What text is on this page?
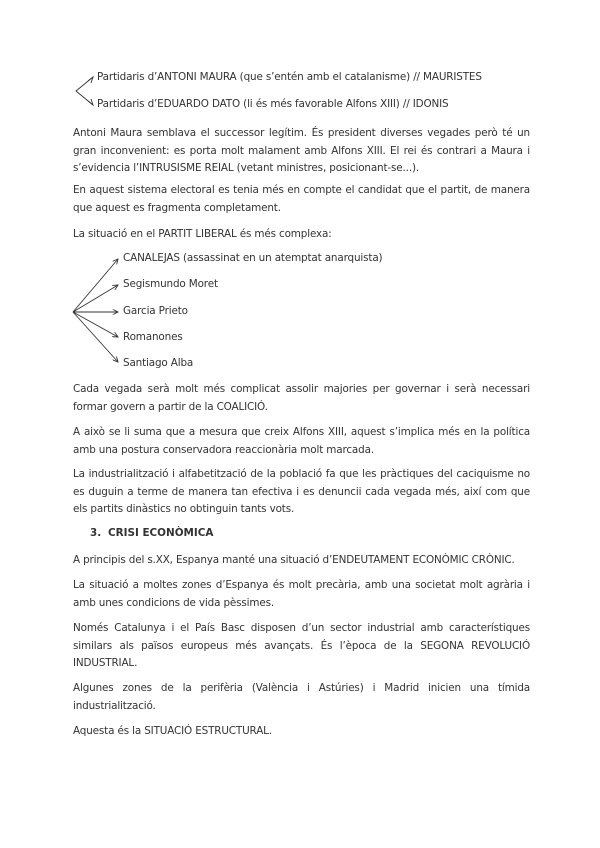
Partidaris d’ANTONI MAURA (que s’entén amb el catalanisme) // MAURISTES
Partidaris d’EDUARDO DATO (li és més favorable Alfons XIII) // IDONIS
Antoni Maura semblava el successor legítim. És president diverses vegades però té un gran inconvenient: es porta molt malament amb Alfons XIII. El rei és contrari a Maura i s’evidencia l’INTRUSISME REIAL (vetant ministres, posicionant-se...).
En aquest sistema electoral es tenia més en compte el candidat que el partit, de manera que aquest es fragmenta completament.
La situació en el PARTIT LIBERAL és més complexa:
CANALEJAS (assassinat en un atemptat anarquista)
Segismundo Moret
Garcia Prieto
Romanones
Santiago Alba
Cada vegada serà molt més complicat assolir majories per governar i serà necessari formar govern a partir de la COALICIÓ.
A això se li suma que a mesura que creix Alfons XIII, aquest s’implica més en la política amb una postura conservadora reaccionària molt marcada.
La industrialització i alfabetització de la població fa que les pràctiques del caciquisme no es duguin a terme de manera tan efectiva i es denuncii cada vegada més, així com que els partits dinàstics no obtinguin tants vots.
3. CRISI ECONÒMICA
A principis del s.XX, Espanya manté una situació d’ENDEUTAMENT ECONÒMIC CRÒNIC.
La situació a moltes zones d’Espanya és molt precària, amb una societat molt agrària i amb unes condicions de vida pèssimes.
Només Catalunya i el País Basc disposen d’un sector industrial amb característiques similars als països europeus més avançats. És l’època de la SEGONA REVOLUCIÓ INDUSTRIAL.
Algunes zones de la perifèria (València i Astúries) i Madrid inicien una tímida industrialització.
Aquesta és la SITUACIÓ ESTRUCTURAL.
